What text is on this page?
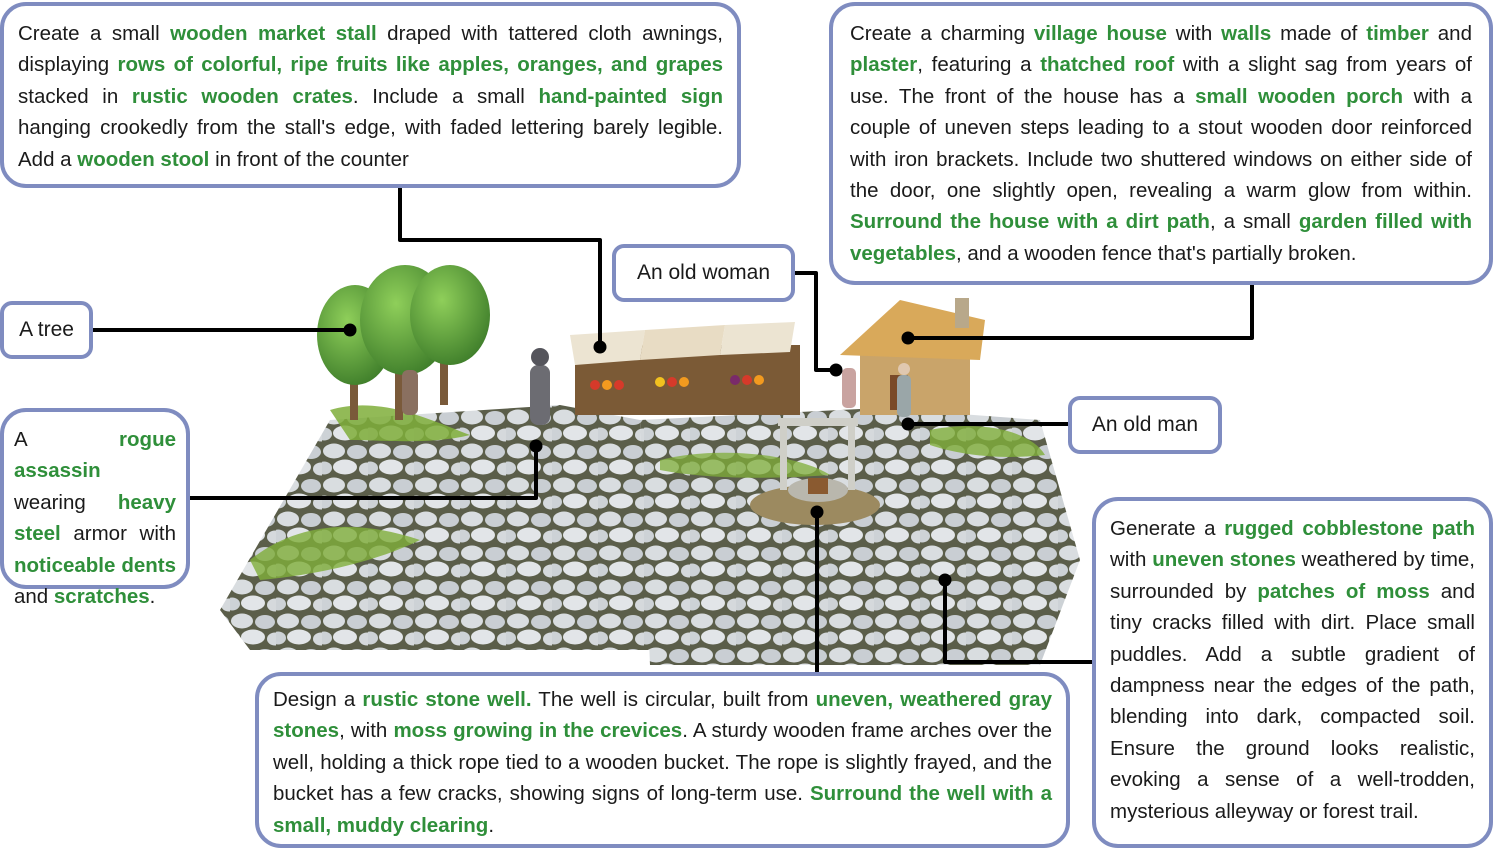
Create a small wooden market stall draped with tattered cloth awnings, displaying rows of colorful, ripe fruits like apples, oranges, and grapes stacked in rustic wooden crates. Include a small hand-painted sign hanging crookedly from the stall's edge, with faded lettering barely legible. Add a wooden stool in front of the counter

Create a charming village house with walls made of timber and plaster, featuring a thatched roof with a slight sag from years of use. The front of the house has a small wooden porch with a couple of uneven steps leading to a stout wooden door reinforced with iron brackets. Include two shuttered windows on either side of the door, one slightly open, revealing a warm glow from within. Surround the house with a dirt path, a small garden filled with vegetables, and a wooden fence that's partially broken.

A rogue assassin wearing heavy steel armor with noticeable dents and scratches.

Generate a rugged cobblestone path with uneven stones weathered by time, surrounded by patches of moss and tiny cracks filled with dirt. Place small puddles. Add a subtle gradient of dampness near the edges of the path, blending into dark, compacted soil. Ensure the ground looks realistic, evoking a sense of a well-trodden, mysterious alleyway or forest trail.

Design a rustic stone well. The well is circular, built from uneven, weathered gray stones, with moss growing in the crevices. A sturdy wooden frame arches over the well, holding a thick rope tied to a wooden bucket. The rope is slightly frayed, and the bucket has a few cracks, showing signs of long-term use. Surround the well with a small, muddy clearing.

A tree
An old woman
An old man
